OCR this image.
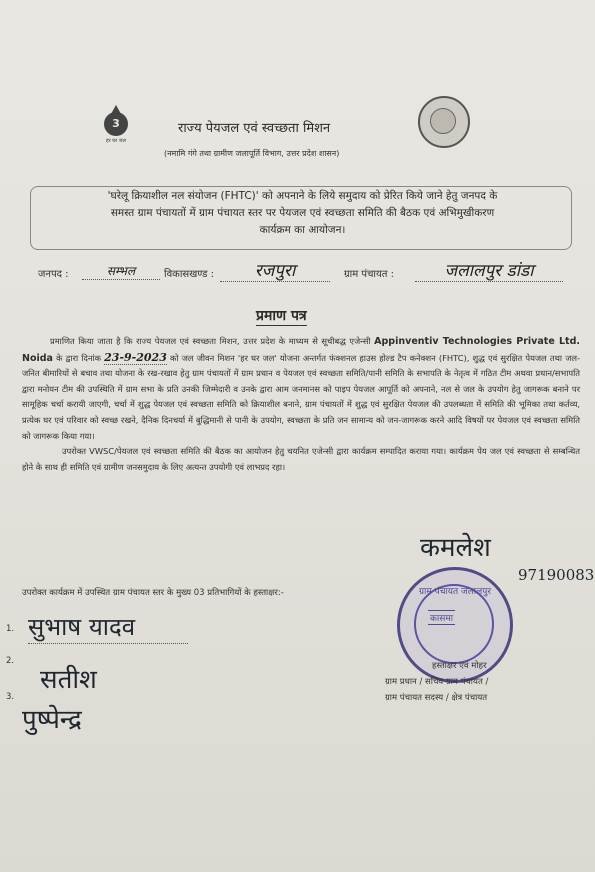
3
हर घर जल
राज्य पेयजल एवं स्वच्छता मिशन
(नमामि गंगे तथा ग्रामीण जलापूर्ति विभाग, उत्तर प्रदेश शासन)
'घरेलू क्रियाशील नल संयोजन (FHTC)' को अपनाने के लिये समुदाय को प्रेरित किये जाने हेतु जनपद के
समस्त ग्राम पंचायतों में ग्राम पंचायत स्तर पर पेयजल एवं स्वच्छता समिति की बैठक एवं अभिमुखीकरण
कार्यक्रम का आयोजन।
जनपद :	सम्भल	विकासखण्ड :	रजपुरा	ग्राम पंचायत :	जलालपुर डांडा
प्रमाण पत्र
प्रमाणित किया जाता है कि राज्य पेयजल एवं स्वच्छता मिशन, उत्तर प्रदेश के माध्यम से सूचीबद्ध एजेन्सी Appinventiv Technologies Private Ltd. Noida के द्वारा दिनांक 23-9-2023 को जल जीवन मिशन 'हर घर जल' योजना अन्तर्गत फंक्शनल हाउस होल्ड टैप कनेक्शन (FHTC), शुद्ध एवं सुरक्षित पेयजल तथा जल-जनित बीमारियों से बचाव तथा योजना के रख-रखाव हेतु ग्राम पंचायतों में ग्राम प्रधान व पेयजल एवं स्वच्छता समिति/पानी समिति के सभापति के नेतृत्व में गठित टीम अथवा प्रधान/सभापति द्वारा मनोयन टीम की उपस्थिति में ग्राम सभा के प्रति उनकी जिम्मेदारी व उनके द्वारा आम जनमानस को पाइप पेयजल आपूर्ति को अपनाने, नल से जल के उपयोग हेतु जागरूक बनाने पर सामूहिक चर्चा करायी जाएगी, चर्चा में शुद्ध पेयजल एवं स्वच्छता समिति को क्रियाशील बनाने, ग्राम पंचायतों में शुद्ध एवं सुरक्षित पेयजल की उपलब्धता में समिति की भूमिका तथा कर्तव्य, प्रत्येक घर एवं परिवार को स्वच्छ रखने, दैनिक दिनचर्या में बुद्धिमानी से पानी के उपयोग, स्वच्छता के प्रति जन सामान्य को जन-जागरूक करने आदि विषयों पर पेयजल एवं स्वच्छता समिति को जागरूक किया गया।
उपरोक्त VWSC/पेयजल एवं स्वच्छता समिति की बैठक का आयोजन हेतु चयनित एजेन्सी द्वारा कार्यक्रम सम्पादित कराया गया। कार्यक्रम पेय जल एवं स्वच्छता से सम्बन्धित होने के साथ ही समिति एवं ग्रामीण जनसमुदाय के लिए अत्यन्त उपयोगी एवं लाभप्रद रहा।
उपरोक्त कार्यक्रम में उपस्थित ग्राम पंचायत स्तर के मुख्य 03 प्रतिभागियों के हस्ताक्षर:-
1. सुभाष यादव
2.
सतीश
3.
पुष्पेन्द्र
कमलेश
97190083
ग्राम पंचायत जलालपुर
कासमा
हस्ताक्षर एवं मोहर
ग्राम प्रधान / सचिव ग्राम पंचायत /
ग्राम पंचायत सदस्य / क्षेत्र पंचायत
